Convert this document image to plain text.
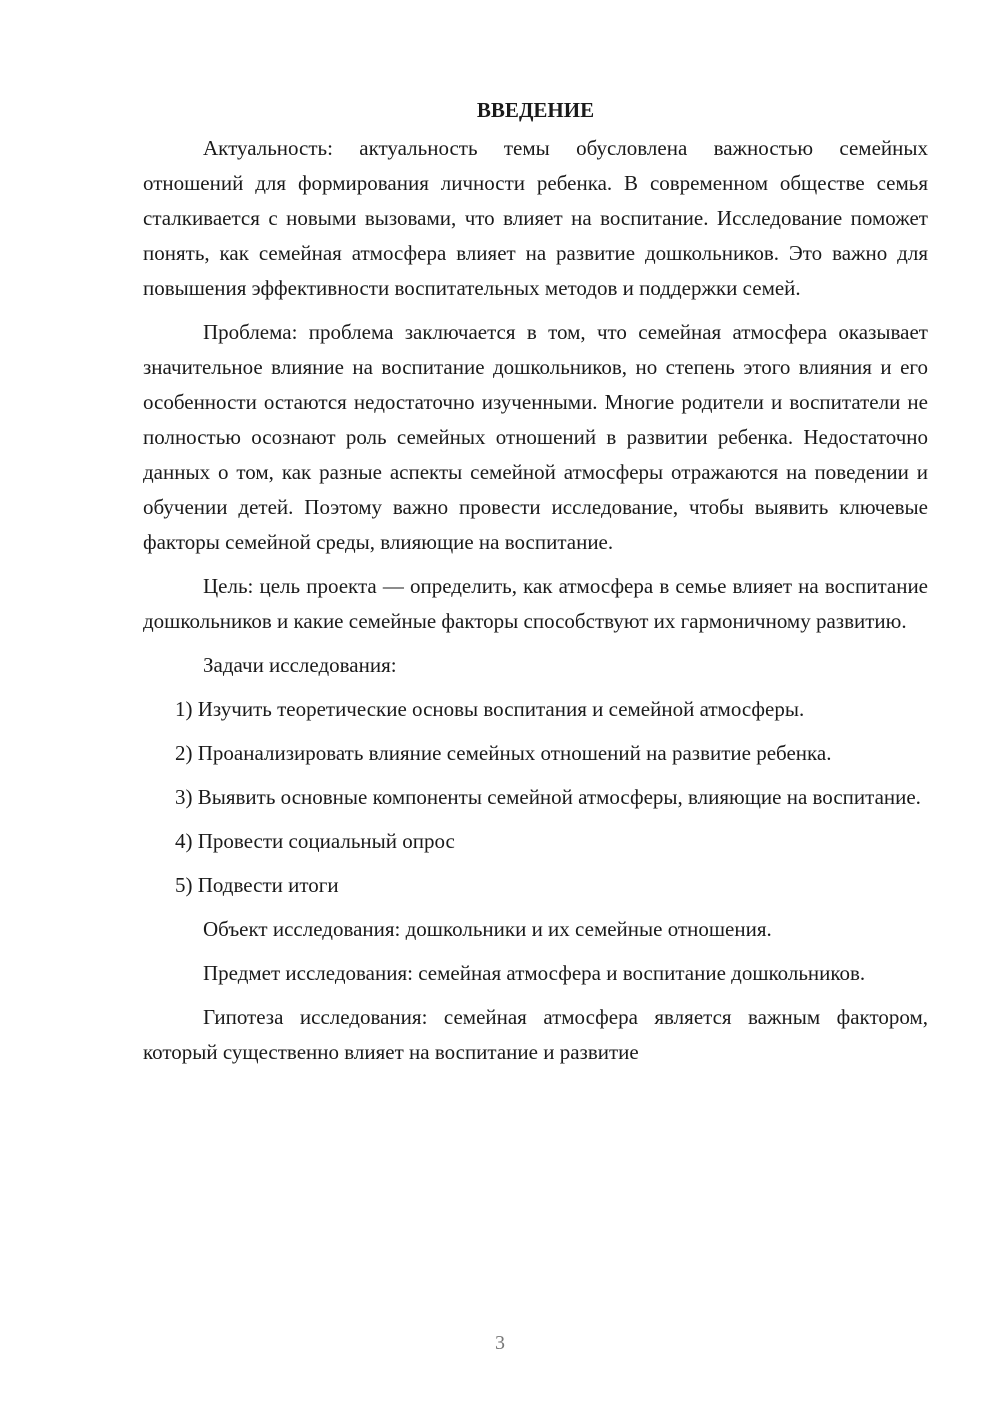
ВВЕДЕНИЕ

Актуальность: актуальность темы обусловлена важностью семейных отношений для формирования личности ребенка. В современном обществе семья сталкивается с новыми вызовами, что влияет на воспитание. Исследование поможет понять, как семейная атмосфера влияет на развитие дошкольников. Это важно для повышения эффективности воспитательных методов и поддержки семей.

Проблема: проблема заключается в том, что семейная атмосфера оказывает значительное влияние на воспитание дошкольников, но степень этого влияния и его особенности остаются недостаточно изученными. Многие родители и воспитатели не полностью осознают роль семейных отношений в развитии ребенка. Недостаточно данных о том, как разные аспекты семейной атмосферы отражаются на поведении и обучении детей. Поэтому важно провести исследование, чтобы выявить ключевые факторы семейной среды, влияющие на воспитание.

Цель: цель проекта — определить, как атмосфера в семье влияет на воспитание дошкольников и какие семейные факторы способствуют их гармоничному развитию.

Задачи исследования:

1) Изучить теоретические основы воспитания и семейной атмосферы.

2) Проанализировать влияние семейных отношений на развитие ребенка.

3) Выявить основные компоненты семейной атмосферы, влияющие на воспитание.

4) Провести социальный опрос

5) Подвести итоги

Объект исследования: дошкольники и их семейные отношения.

Предмет исследования: семейная атмосфера и воспитание дошкольников.

Гипотеза исследования: семейная атмосфера является важным фактором, который существенно влияет на воспитание и развитие

3
